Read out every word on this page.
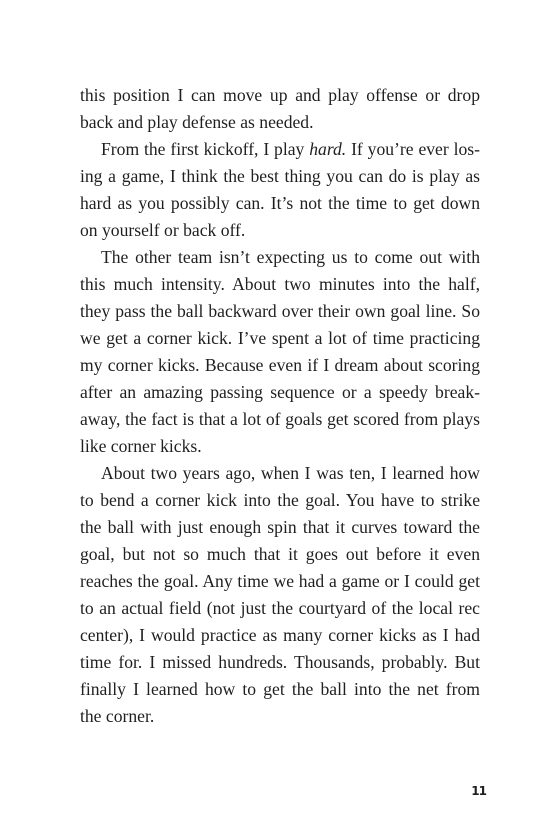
this position I can move up and play offense or drop
back and play defense as needed.
From the first kickoff, I play hard. If you’re ever los-
ing a game, I think the best thing you can do is play as
hard as you possibly can. It’s not the time to get down
on yourself or back off.
The other team isn’t expecting us to come out with
this much intensity. About two minutes into the half,
they pass the ball backward over their own goal line. So
we get a corner kick. I’ve spent a lot of time practicing
my corner kicks. Because even if I dream about scoring
after an amazing passing sequence or a speedy break-
away, the fact is that a lot of goals get scored from plays
like corner kicks.
About two years ago, when I was ten, I learned how
to bend a corner kick into the goal. You have to strike
the ball with just enough spin that it curves toward the
goal, but not so much that it goes out before it even
reaches the goal. Any time we had a game or I could get
to an actual field (not just the courtyard of the local rec
center), I would practice as many corner kicks as I had
time for. I missed hundreds. Thousands, probably. But
finally I learned how to get the ball into the net from
the corner.
11
